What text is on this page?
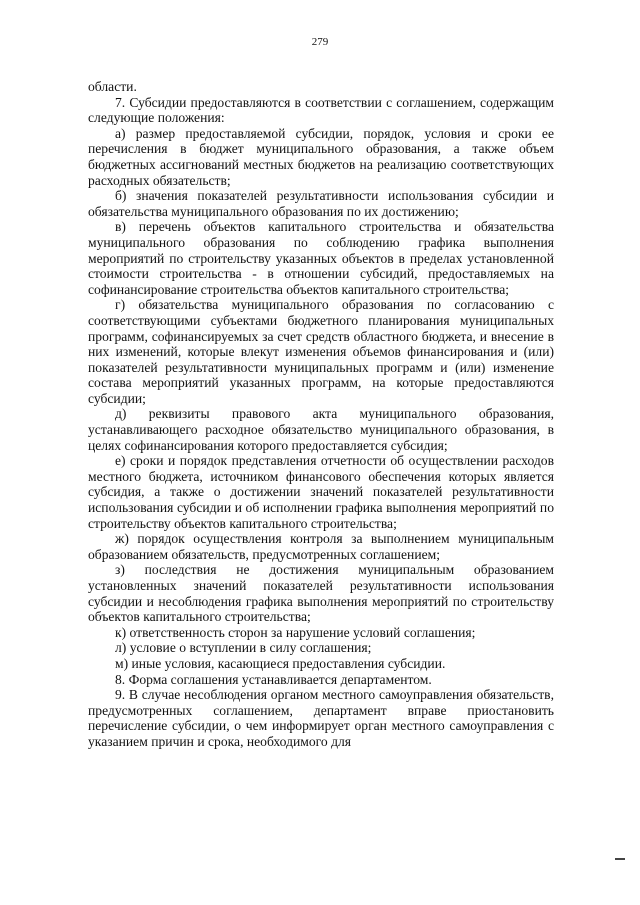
279

области.

7. Субсидии предоставляются в соответствии с соглашением, содержащим следующие положения:

а) размер предоставляемой субсидии, порядок, условия и сроки ее перечисления в бюджет муниципального образования, а также объем бюджетных ассигнований местных бюджетов на реализацию соответствующих расходных обязательств;

б) значения показателей результативности использования субсидии и обязательства муниципального образования по их достижению;

в) перечень объектов капитального строительства и обязательства муниципального образования по соблюдению графика выполнения мероприятий по строительству указанных объектов в пределах установленной стоимости строительства - в отношении субсидий, предоставляемых на софинансирование строительства объектов капитального строительства;

г) обязательства муниципального образования по согласованию с соответствующими субъектами бюджетного планирования муниципальных программ, софинансируемых за счет средств областного бюджета, и внесение в них изменений, которые влекут изменения объемов финансирования и (или) показателей результативности муниципальных программ и (или) изменение состава мероприятий указанных программ, на которые предоставляются субсидии;

д) реквизиты правового акта муниципального образования, устанавливающего расходное обязательство муниципального образования, в целях софинансирования которого предоставляется субсидия;

е) сроки и порядок представления отчетности об осуществлении расходов местного бюджета, источником финансового обеспечения которых является субсидия, а также о достижении значений показателей результативности использования субсидии и об исполнении графика выполнения мероприятий по строительству объектов капитального строительства;

ж) порядок осуществления контроля за выполнением муниципальным образованием обязательств, предусмотренных соглашением;

з) последствия не достижения муниципальным образованием установленных значений показателей результативности использования субсидии и несоблюдения графика выполнения мероприятий по строительству объектов капитального строительства;

к) ответственность сторон за нарушение условий соглашения;

л) условие о вступлении в силу соглашения;

м) иные условия, касающиеся предоставления субсидии.

8. Форма соглашения устанавливается департаментом.

9. В случае несоблюдения органом местного самоуправления обязательств, предусмотренных соглашением, департамент вправе приостановить перечисление субсидии, о чем информирует орган местного самоуправления с указанием причин и срока, необходимого для
